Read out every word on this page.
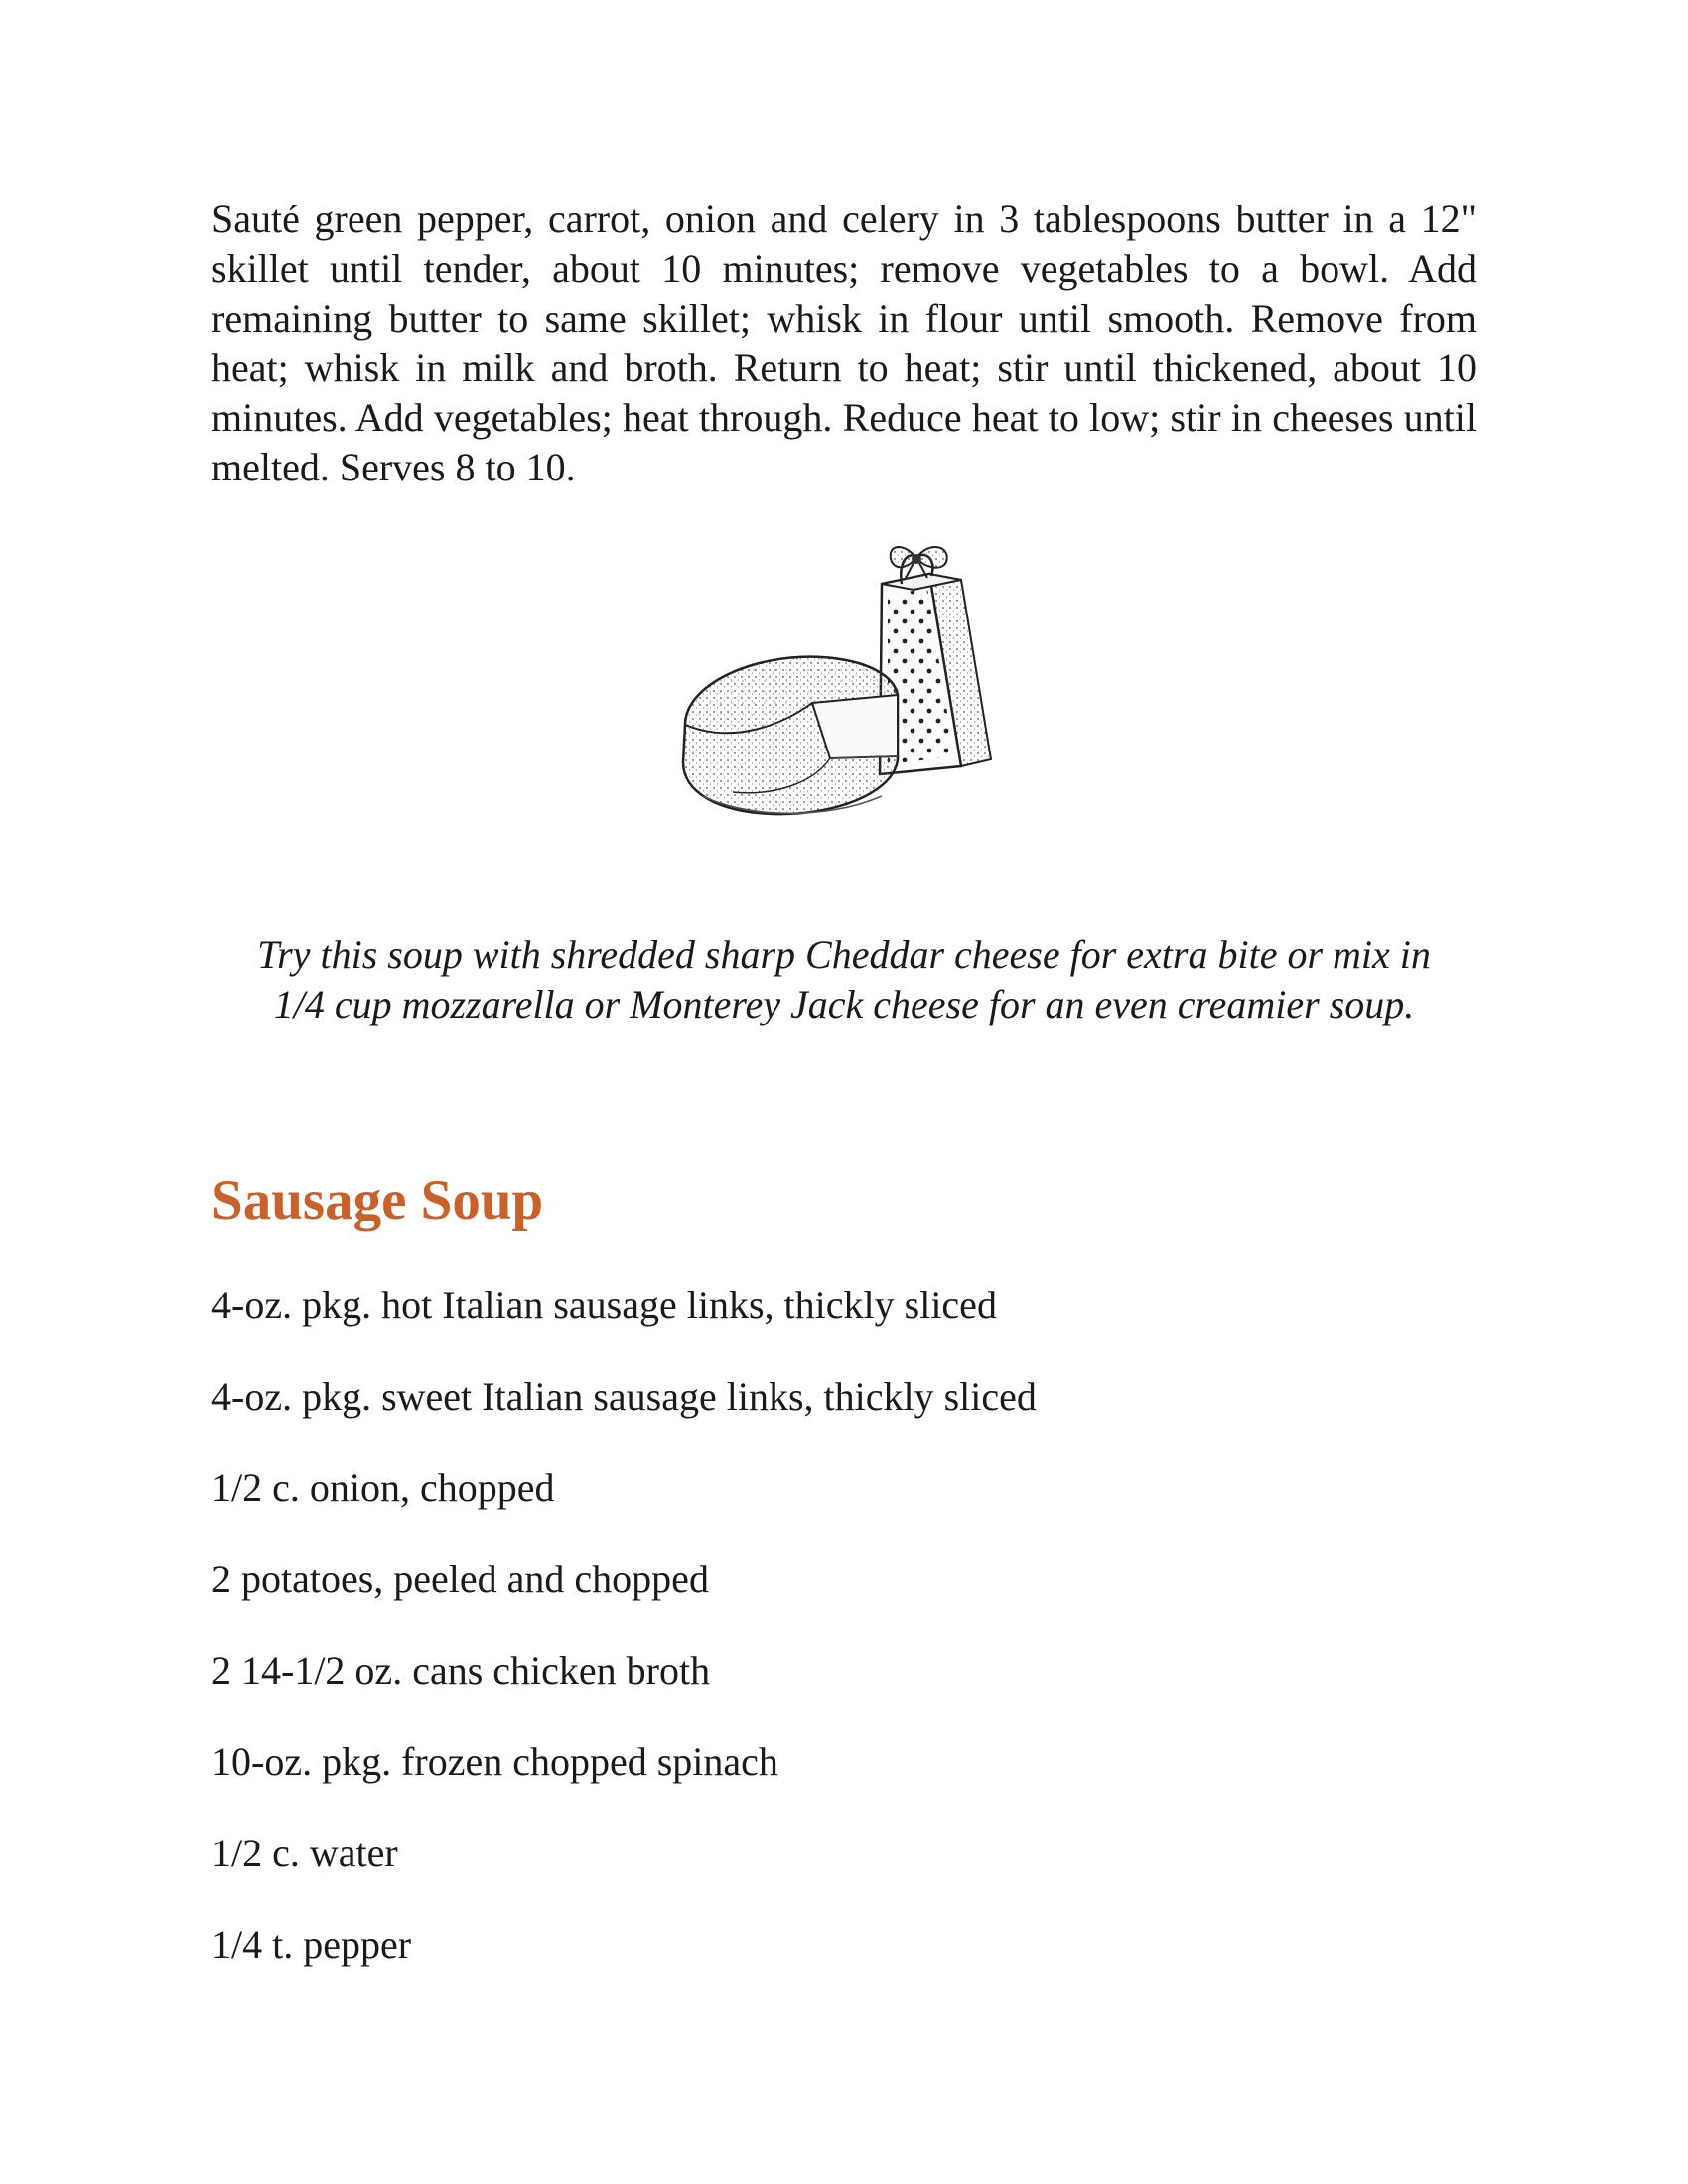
Sauté green pepper, carrot, onion and celery in 3 tablespoons butter in a 12" skillet until tender, about 10 minutes; remove vegetables to a bowl. Add remaining butter to same skillet; whisk in flour until smooth. Remove from heat; whisk in milk and broth. Return to heat; stir until thickened, about 10 minutes. Add vegetables; heat through. Reduce heat to low; stir in cheeses until melted. Serves 8 to 10.

Try this soup with shredded sharp Cheddar cheese for extra bite or mix in
1/4 cup mozzarella or Monterey Jack cheese for an even creamier soup.

Sausage Soup
4-oz. pkg. hot Italian sausage links, thickly sliced
4-oz. pkg. sweet Italian sausage links, thickly sliced
1/2 c. onion, chopped
2 potatoes, peeled and chopped
2 14-1/2 oz. cans chicken broth
10-oz. pkg. frozen chopped spinach
1/2 c. water
1/4 t. pepper
